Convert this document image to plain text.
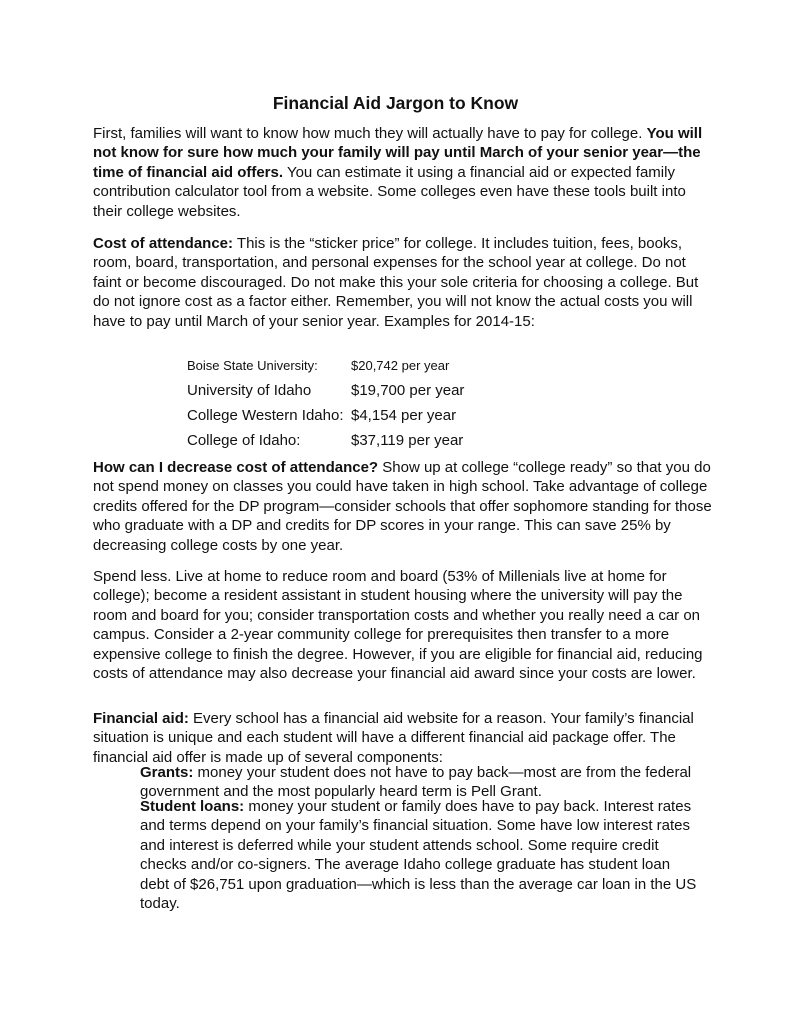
Financial Aid Jargon to Know

First, families will want to know how much they will actually have to pay for college. You will not know for sure how much your family will pay until March of your senior year—the time of financial aid offers. You can estimate it using a financial aid or expected family contribution calculator tool from a website. Some colleges even have these tools built into their college websites.

Cost of attendance: This is the “sticker price” for college. It includes tuition, fees, books, room, board, transportation, and personal expenses for the school year at college. Do not faint or become discouraged. Do not make this your sole criteria for choosing a college. But do not ignore cost as a factor either. Remember, you will not know the actual costs you will have to pay until March of your senior year. Examples for 2014-15:

Boise State University:	$20,742 per year
University of Idaho	$19,700 per year
College Western Idaho: $4,154 per year
College of Idaho:	$37,119 per year

How can I decrease cost of attendance? Show up at college “college ready” so that you do not spend money on classes you could have taken in high school. Take advantage of college credits offered for the DP program—consider schools that offer sophomore standing for those who graduate with a DP and credits for DP scores in your range. This can save 25% by decreasing college costs by one year.

Spend less. Live at home to reduce room and board (53% of Millenials live at home for college); become a resident assistant in student housing where the university will pay the room and board for you; consider transportation costs and whether you really need a car on campus. Consider a 2-year community college for prerequisites then transfer to a more expensive college to finish the degree. However, if you are eligible for financial aid, reducing costs of attendance may also decrease your financial aid award since your costs are lower.

Financial aid: Every school has a financial aid website for a reason. Your family’s financial situation is unique and each student will have a different financial aid package offer. The financial aid offer is made up of several components:

Grants: money your student does not have to pay back—most are from the federal government and the most popularly heard term is Pell Grant.

Student loans: money your student or family does have to pay back. Interest rates and terms depend on your family’s financial situation. Some have low interest rates and interest is deferred while your student attends school. Some require credit checks and/or co-signers. The average Idaho college graduate has student loan debt of $26,751 upon graduation—which is less than the average car loan in the US today.
